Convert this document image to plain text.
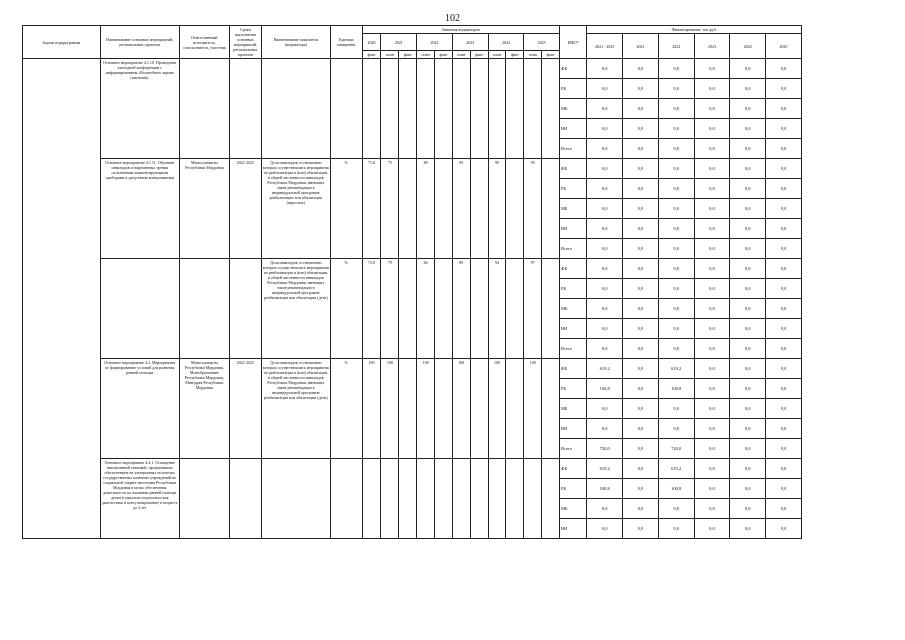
102
Задачи подпрограммы	Наименование основных мероприятий, региональных проектов	Ответственный исполнитель, соисполнитель, участник	Сроки выполнения основных мероприятий, региональных проектов	Наименование показателя (индикатора)	Единица измерения	Значения индикаторов											ИФО*	Финансирование, тыс.руб.					
						2020	2021		2022		2023		2024		2025			2021 - 2025	2021	2022	2023	2024	2025
						факт	план	факт	план	факт	план	факт	план	факт	план	факт							
	Основное мероприятие 4.1.10. Проведение ежегодной конференции с информированием «Волшебного экрана (питания)»																ФБ	0,0	0,0	0,0	0,0	0,0	0,0
																	РБ	0,0	0,0	0,0	0,0	0,0	0,0
																	МБ	0,0	0,0	0,0	0,0	0,0	0,0
																	ВИ	0,0	0,0	0,0	0,0	0,0	0,0
																	Всего	0,0	0,0	0,0	0,0	0,0	0,0
	Основное мероприятие 4.1.11. Обучение инвалидов и нарушенных зрения пользованию компенсирующими приборами и средствами коммуникации	Минсоцзащиты Республики Мордовия	2021-2025	Доля инвалидов, в отношении которых осуществлялись мероприятия по реабилитации и (или) абилитации, в общей численности инвалидов Республики Мордовия, имеющих такие рекомендации в индивидуальной программе реабилитации или абилитации (взрослые)	%	71,0	75		80		85		90		95		ФБ	0,0	0,0	0,0	0,0	0,0	0,0
																	РБ	0,0	0,0	0,0	0,0	0,0	0,0
																	МБ	0,0	0,0	0,0	0,0	0,0	0,0
																	ВИ	0,0	0,0	0,0	0,0	0,0	0,0
																	Всего	0,0	0,0	0,0	0,0	0,0	0,0
				Доля инвалидов, в отношении которых осуществлялись мероприятия по реабилитации и (или) абилитации, в общей численности инвалидов Республики Мордовия, имеющих такие рекомендации в индивидуальной программе реабилитации или абилитации (дети)	%	73,8	79		84		89		94		97		ФБ	0,0	0,0	0,0	0,0	0,0	0,0
																	РБ	0,0	0,0	0,0	0,0	0,0	0,0
																	МБ	0,0	0,0	0,0	0,0	0,0	0,0
																	ВИ	0,0	0,0	0,0	0,0	0,0	0,0
																	Всего	0,0	0,0	0,0	0,0	0,0	0,0
	Основное мероприятие 4.2. Мероприятия по формированию условий для развития ранней помощи	Минсоцзащиты Республики Мордовия, Минобразование Республики Мордовия, Минздрав Республики Мордовия	2021-2025	Доля инвалидов, в отношении которых осуществлялись мероприятия по реабилитации и (или) абилитации, в общей численности инвалидов Республики Мордовия, имеющих такие рекомендации в индивидуальной программе реабилитации или абилитации (дети)	%	100	100		100		100		100		100		ФБ	619,2	0,0	619,2	0,0	0,0	0,0
																	РБ	100,8	0,0	100,8	0,0	0,0	0,0
																	МБ	0,0	0,0	0,0	0,0	0,0	0,0
																	ВИ	0,0	0,0	0,0	0,0	0,0	0,0
																	Всего	720,0	0,0	720,0	0,0	0,0	0,0
	Основное мероприятие 4.2.1. Оснащение инклюзивной техникой, программным обеспечением на электронных носителях государственных казенных учреждений по социальной защите населения Республики Мордовия в целях обеспечения деятельности по оказанию ранней помощи детям (социально-педагогическая диагностика и консультирование) в возрасте до 3 лет																ФБ	619,2	0,0	619,2	0,0	0,0	0,0
																	РБ	100,8	0,0	100,8	0,0	0,0	0,0
																	МБ	0,0	0,0	0,0	0,0	0,0	0,0
																	ВИ	0,0	0,0	0,0	0,0	0,0	0,0
